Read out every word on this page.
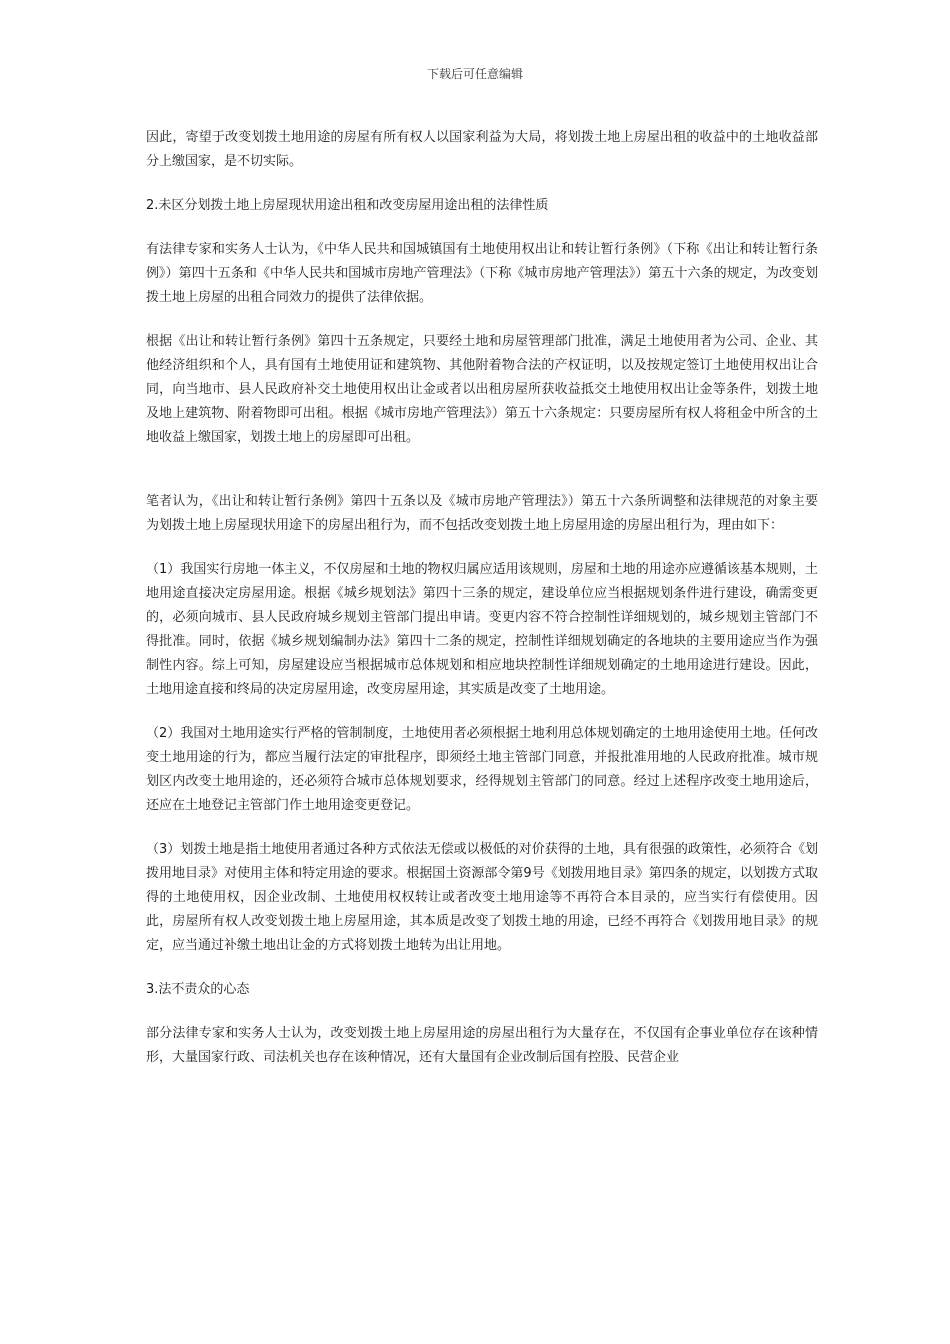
下载后可任意编辑

因此，寄望于改变划拨土地用途的房屋有所有权人以国家利益为大局，将划拨土地上房屋出租的收益中的土地收益部分上缴国家，是不切实际。

2.未区分划拨土地上房屋现状用途出租和改变房屋用途出租的法律性质

有法律专家和实务人士认为，《中华人民共和国城镇国有土地使用权出让和转让暂行条例》（下称《出让和转让暂行条例》）第四十五条和《中华人民共和国城市房地产管理法》（下称《城市房地产管理法》）第五十六条的规定，为改变划拨土地上房屋的出租合同效力的提供了法律依据。

根据《出让和转让暂行条例》第四十五条规定，只要经土地和房屋管理部门批准，满足土地使用者为公司、企业、其他经济组织和个人，具有国有土地使用证和建筑物、其他附着物合法的产权证明，以及按规定签订土地使用权出让合同，向当地市、县人民政府补交土地使用权出让金或者以出租房屋所获收益抵交土地使用权出让金等条件，划拨土地及地上建筑物、附着物即可出租。根据《城市房地产管理法》）第五十六条规定：只要房屋所有权人将租金中所含的土地收益上缴国家，划拨土地上的房屋即可出租。

笔者认为，《出让和转让暂行条例》第四十五条以及《城市房地产管理法》）第五十六条所调整和法律规范的对象主要为划拨土地上房屋现状用途下的房屋出租行为，而不包括改变划拨土地上房屋用途的房屋出租行为，理由如下：

（1）我国实行房地一体主义，不仅房屋和土地的物权归属应适用该规则，房屋和土地的用途亦应遵循该基本规则，土地用途直接决定房屋用途。根据《城乡规划法》第四十三条的规定，建设单位应当根据规划条件进行建设，确需变更的，必须向城市、县人民政府城乡规划主管部门提出申请。变更内容不符合控制性详细规划的，城乡规划主管部门不得批准。同时，依据《城乡规划编制办法》第四十二条的规定，控制性详细规划确定的各地块的主要用途应当作为强制性内容。综上可知，房屋建设应当根据城市总体规划和相应地块控制性详细规划确定的土地用途进行建设。因此，土地用途直接和终局的决定房屋用途，改变房屋用途，其实质是改变了土地用途。

（2）我国对土地用途实行严格的管制制度，土地使用者必须根据土地利用总体规划确定的土地用途使用土地。任何改变土地用途的行为，都应当履行法定的审批程序，即须经土地主管部门同意，并报批准用地的人民政府批准。城市规划区内改变土地用途的，还必须符合城市总体规划要求，经得规划主管部门的同意。经过上述程序改变土地用途后，还应在土地登记主管部门作土地用途变更登记。

（3）划拨土地是指土地使用者通过各种方式依法无偿或以极低的对价获得的土地，具有很强的政策性，必须符合《划拨用地目录》对使用主体和特定用途的要求。根据国土资源部令第9号《划拨用地目录》第四条的规定，以划拨方式取得的土地使用权，因企业改制、土地使用权权转让或者改变土地用途等不再符合本目录的，应当实行有偿使用。因此，房屋所有权人改变划拨土地上房屋用途，其本质是改变了划拨土地的用途，已经不再符合《划拨用地目录》的规定，应当通过补缴土地出让金的方式将划拨土地转为出让用地。

3.法不责众的心态

部分法律专家和实务人士认为，改变划拨土地上房屋用途的房屋出租行为大量存在，不仅国有企事业单位存在该种情形，大量国家行政、司法机关也存在该种情况，还有大量国有企业改制后国有控股、民营企业
